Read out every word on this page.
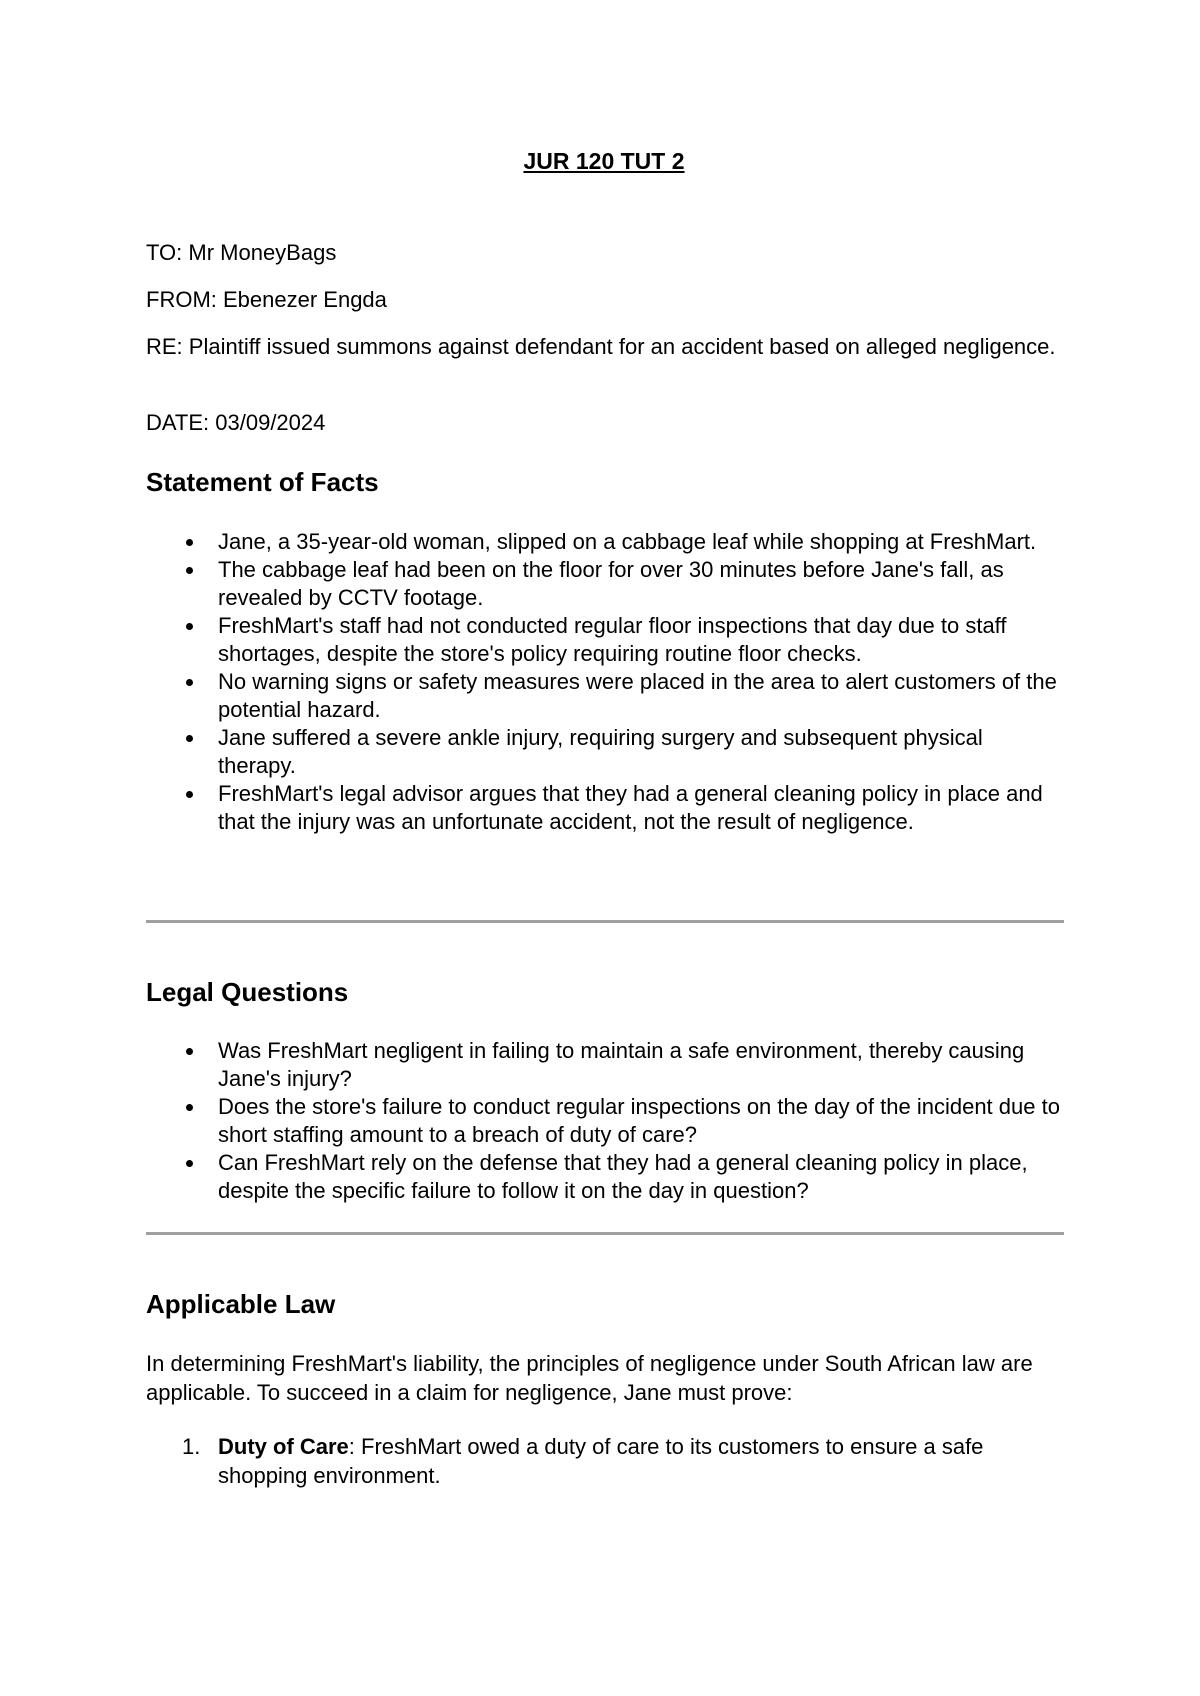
JUR 120 TUT 2

TO: Mr MoneyBags

FROM: Ebenezer Engda

RE: Plaintiff issued summons against defendant for an accident based on alleged negligence.

DATE: 03/09/2024

Statement of Facts
Jane, a 35-year-old woman, slipped on a cabbage leaf while shopping at FreshMart.
The cabbage leaf had been on the floor for over 30 minutes before Jane's fall, as revealed by CCTV footage.
FreshMart's staff had not conducted regular floor inspections that day due to staff shortages, despite the store's policy requiring routine floor checks.
No warning signs or safety measures were placed in the area to alert customers of the potential hazard.
Jane suffered a severe ankle injury, requiring surgery and subsequent physical therapy.
FreshMart's legal advisor argues that they had a general cleaning policy in place and that the injury was an unfortunate accident, not the result of negligence.
Legal Questions
Was FreshMart negligent in failing to maintain a safe environment, thereby causing Jane's injury?
Does the store's failure to conduct regular inspections on the day of the incident due to short staffing amount to a breach of duty of care?
Can FreshMart rely on the defense that they had a general cleaning policy in place, despite the specific failure to follow it on the day in question?
Applicable Law

In determining FreshMart's liability, the principles of negligence under South African law are applicable. To succeed in a claim for negligence, Jane must prove:

1. Duty of Care: FreshMart owed a duty of care to its customers to ensure a safe shopping environment.
